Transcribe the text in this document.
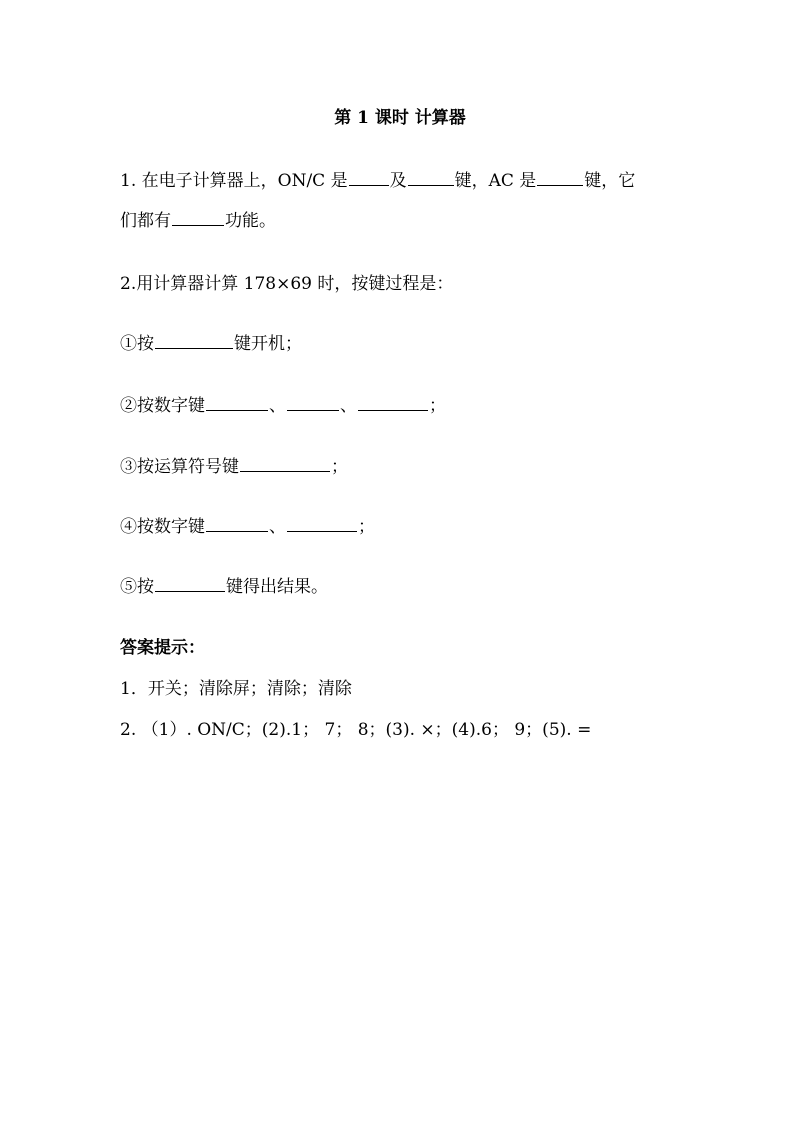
第 1 课时 计算器
1. 在电子计算器上，ON/C 是 及	键，AC 是	键，它
们都有	功能。
2.用计算器计算 178×69 时，按键过程是：
①按	键开机；
②按数字键	、	、	；
③按运算符号键	；
④按数字键	、	；
⑤按	键得出结果。
答案提示：
1．开关；清除屏；清除；清除
2. （1）. ON/C；(2).1； 7； 8；(3). ×；(4).6； 9；(5). =
